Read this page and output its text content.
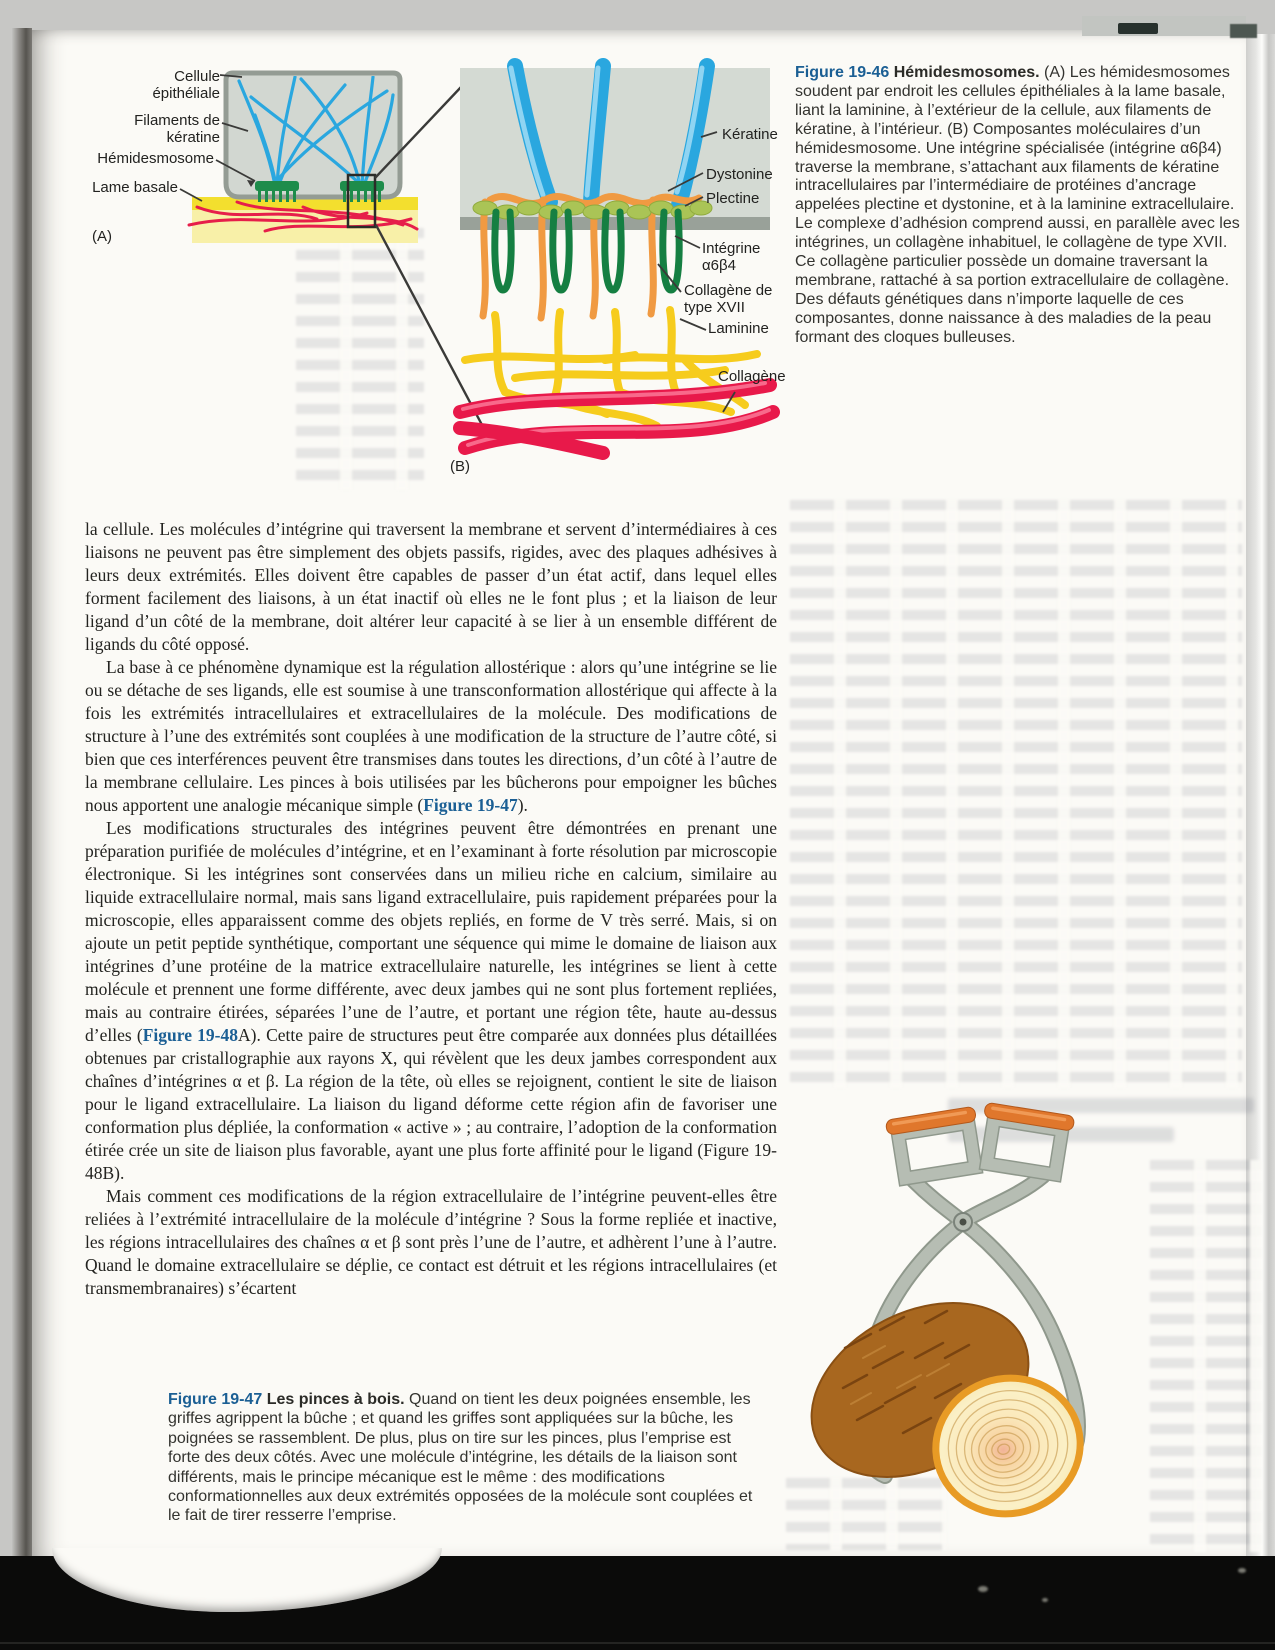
Cellule épithéliale
Filaments de kératine
Hémidesmosome
Lame basale
(A)
Kératine
Dystonine
Plectine
Intégrine α6β4
Collagène de type XVII
Laminine
Collagène
(B)

Figure 19-46 Hémidesmosomes. (A) Les hémidesmosomes soudent par endroit les cellules épithéliales à la lame basale, liant la laminine, à l’extérieur de la cellule, aux filaments de kératine, à l’intérieur. (B) Composantes moléculaires d’un hémidesmosome. Une intégrine spécialisée (intégrine α6β4) traverse la membrane, s’attachant aux filaments de kératine intracellulaires par l’intermédiaire de protéines d’ancrage appelées plectine et dystonine, et à la laminine extracellulaire. Le complexe d’adhésion comprend aussi, en parallèle avec les intégrines, un collagène inhabituel, le collagène de type XVII. Ce collagène particulier possède un domaine traversant la membrane, rattaché à sa portion extracellulaire de collagène. Des défauts génétiques dans n’importe laquelle de ces composantes, donne naissance à des maladies de la peau formant des cloques bulleuses.

la cellule. Les molécules d’intégrine qui traversent la membrane et servent d’intermédiaires à ces liaisons ne peuvent pas être simplement des objets passifs, rigides, avec des plaques adhésives à leurs deux extrémités. Elles doivent être capables de passer d’un état actif, dans lequel elles forment facilement des liaisons, à un état inactif où elles ne le font plus ; et la liaison de leur ligand d’un côté de la membrane, doit altérer leur capacité à se lier à un ensemble différent de ligands du côté opposé.

La base à ce phénomène dynamique est la régulation allostérique : alors qu’une intégrine se lie ou se détache de ses ligands, elle est soumise à une transconformation allostérique qui affecte à la fois les extrémités intracellulaires et extracellulaires de la molécule. Des modifications de structure à l’une des extrémités sont couplées à une modification de la structure de l’autre côté, si bien que ces interférences peuvent être transmises dans toutes les directions, d’un côté à l’autre de la membrane cellulaire. Les pinces à bois utilisées par les bûcherons pour empoigner les bûches nous apportent une analogie mécanique simple (Figure 19-47).

Les modifications structurales des intégrines peuvent être démontrées en prenant une préparation purifiée de molécules d’intégrine, et en l’examinant à forte résolution par microscopie électronique. Si les intégrines sont conservées dans un milieu riche en calcium, similaire au liquide extracellulaire normal, mais sans ligand extracellulaire, puis rapidement préparées pour la microscopie, elles apparaissent comme des objets repliés, en forme de V très serré. Mais, si on ajoute un petit peptide synthétique, comportant une séquence qui mime le domaine de liaison aux intégrines d’une protéine de la matrice extracellulaire naturelle, les intégrines se lient à cette molécule et prennent une forme différente, avec deux jambes qui ne sont plus fortement repliées, mais au contraire étirées, séparées l’une de l’autre, et portant une région tête, haute au-dessus d’elles (Figure 19-48A). Cette paire de structures peut être comparée aux données plus détaillées obtenues par cristallographie aux rayons X, qui révèlent que les deux jambes correspondent aux chaînes d’intégrines α et β. La région de la tête, où elles se rejoignent, contient le site de liaison pour le ligand extracellulaire. La liaison du ligand déforme cette région afin de favoriser une conformation plus dépliée, la conformation « active » ; au contraire, l’adoption de la conformation étirée crée un site de liaison plus favorable, ayant une plus forte affinité pour le ligand (Figure 19-48B).

Mais comment ces modifications de la région extracellulaire de l’intégrine peuvent-elles être reliées à l’extrémité intracellulaire de la molécule d’intégrine ? Sous la forme repliée et inactive, les régions intracellulaires des chaînes α et β sont près l’une de l’autre, et adhèrent l’une à l’autre. Quand le domaine extracellulaire se déplie, ce contact est détruit et les régions intracellulaires (et transmembranaires) s’écartent

Figure 19-47 Les pinces à bois. Quand on tient les deux poignées ensemble, les griffes agrippent la bûche ; et quand les griffes sont appliquées sur la bûche, les poignées se rassemblent. De plus, plus on tire sur les pinces, plus l’emprise est forte des deux côtés. Avec une molécule d’intégrine, les détails de la liaison sont différents, mais le principe mécanique est le même : des modifications conformationnelles aux deux extrémités opposées de la molécule sont couplées et le fait de tirer resserre l’emprise.
